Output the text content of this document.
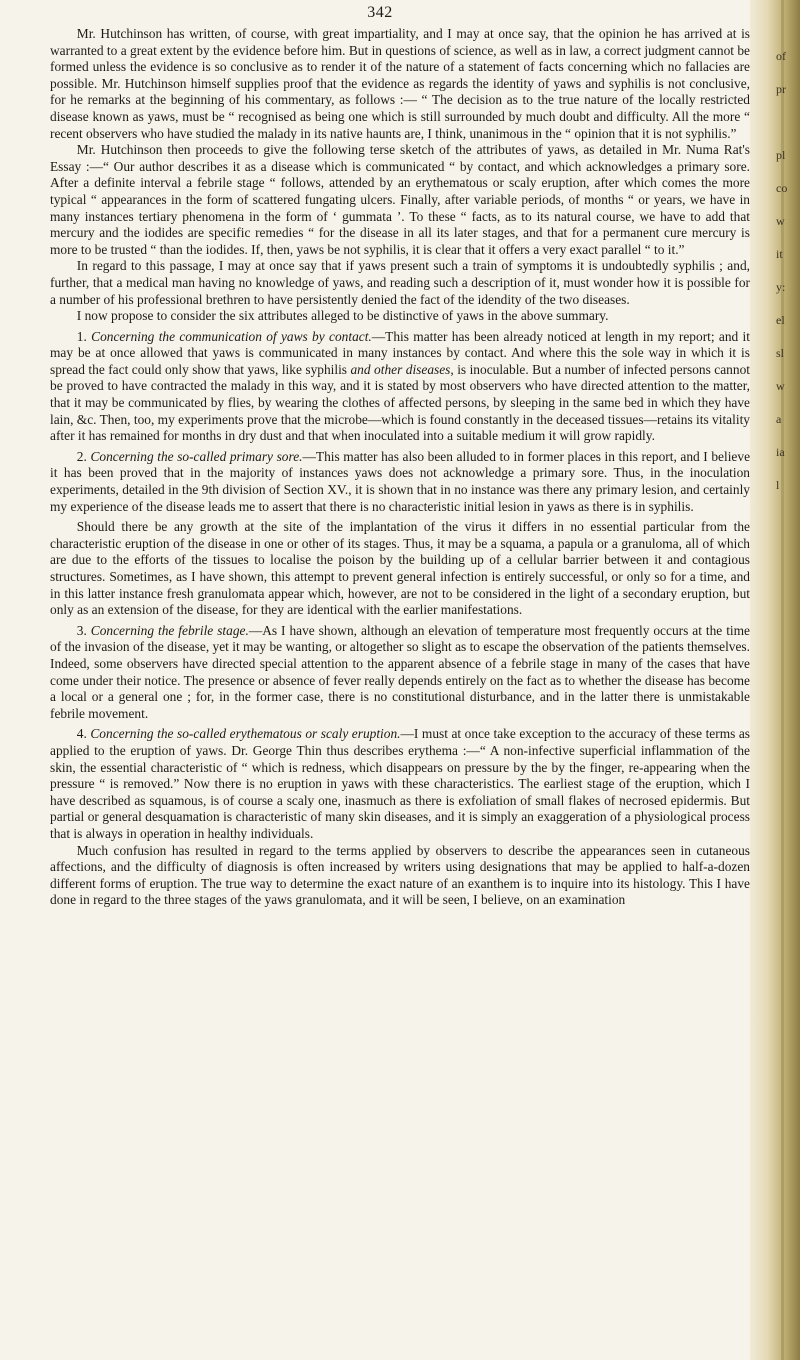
342

Mr. Hutchinson has written, of course, with great impartiality, and I may at once say, that the opinion he has arrived at is warranted to a great extent by the evidence before him. But in questions of science, as well as in law, a correct judgment cannot be formed unless the evidence is so conclusive as to render it of the nature of a statement of facts concerning which no fallacies are possible. Mr. Hutchinson himself supplies proof that the evidence as regards the identity of yaws and syphilis is not conclusive, for he remarks at the beginning of his commentary, as follows :— “ The decision as to the true nature of the locally restricted disease known as yaws, must be “ recognised as being one which is still surrounded by much doubt and difficulty. All the more “ recent observers who have studied the malady in its native haunts are, I think, unanimous in the “ opinion that it is not syphilis.”

Mr. Hutchinson then proceeds to give the following terse sketch of the attributes of yaws, as detailed in Mr. Numa Rat's Essay :—“ Our author describes it as a disease which is communicated “ by contact, and which acknowledges a primary sore. After a definite interval a febrile stage “ follows, attended by an erythematous or scaly eruption, after which comes the more typical “ appearances in the form of scattered fungating ulcers. Finally, after variable periods, of months “ or years, we have in many instances tertiary phenomena in the form of ‘ gummata ’. To these “ facts, as to its natural course, we have to add that mercury and the iodides are specific remedies “ for the disease in all its later stages, and that for a permanent cure mercury is more to be trusted “ than the iodides. If, then, yaws be not syphilis, it is clear that it offers a very exact parallel “ to it.”

In regard to this passage, I may at once say that if yaws present such a train of symptoms it is undoubtedly syphilis ; and, further, that a medical man having no knowledge of yaws, and reading such a description of it, must wonder how it is possible for a number of his professional brethren to have persistently denied the fact of the idendity of the two diseases.

I now propose to consider the six attributes alleged to be distinctive of yaws in the above summary.

1. Concerning the communication of yaws by contact.—This matter has been already noticed at length in my report; and it may be at once allowed that yaws is communicated in many instances by contact. And where this the sole way in which it is spread the fact could only show that yaws, like syphilis and other diseases, is inoculable. But a number of infected persons cannot be proved to have contracted the malady in this way, and it is stated by most observers who have directed attention to the matter, that it may be communicated by flies, by wearing the clothes of affected persons, by sleeping in the same bed in which they have lain, &c. Then, too, my experiments prove that the microbe—which is found constantly in the deceased tissues—retains its vitality after it has remained for months in dry dust and that when inoculated into a suitable medium it will grow rapidly.

2. Concerning the so-called primary sore.—This matter has also been alluded to in former places in this report, and I believe it has been proved that in the majority of instances yaws does not acknowledge a primary sore. Thus, in the inoculation experiments, detailed in the 9th division of Section XV., it is shown that in no instance was there any primary lesion, and certainly my experience of the disease leads me to assert that there is no characteristic initial lesion in yaws as there is in syphilis.

Should there be any growth at the site of the implantation of the virus it differs in no essential particular from the characteristic eruption of the disease in one or other of its stages. Thus, it may be a squama, a papula or a granuloma, all of which are due to the efforts of the tissues to localise the poison by the building up of a cellular barrier between it and contagious structures. Sometimes, as I have shown, this attempt to prevent general infection is entirely successful, or only so for a time, and in this latter instance fresh granulomata appear which, however, are not to be considered in the light of a secondary eruption, but only as an extension of the disease, for they are identical with the earlier manifestations.

3. Concerning the febrile stage.—As I have shown, although an elevation of temperature most frequently occurs at the time of the invasion of the disease, yet it may be wanting, or altogether so slight as to escape the observation of the patients themselves. Indeed, some observers have directed special attention to the apparent absence of a febrile stage in many of the cases that have come under their notice. The presence or absence of fever really depends entirely on the fact as to whether the disease has become a local or a general one ; for, in the former case, there is no constitutional disturbance, and in the latter there is unmistakable febrile movement.

4. Concerning the so-called erythematous or scaly eruption.—I must at once take exception to the accuracy of these terms as applied to the eruption of yaws. Dr. George Thin thus describes erythema :—“ A non-infective superficial inflammation of the skin, the essential characteristic of “ which is redness, which disappears on pressure by the by the finger, re-appearing when the pressure “ is removed.” Now there is no eruption in yaws with these characteristics. The earliest stage of the eruption, which I have described as squamous, is of course a scaly one, inasmuch as there is exfoliation of small flakes of necrosed epidermis. But partial or general desquamation is characteristic of many skin diseases, and it is simply an exaggeration of a physiological process that is always in operation in healthy individuals.

Much confusion has resulted in regard to the terms applied by observers to describe the appearances seen in cutaneous affections, and the difficulty of diagnosis is often increased by writers using designations that may be applied to half-a-dozen different forms of eruption. The true way to determine the exact nature of an exanthem is to inquire into its histology. This I have done in regard to the three stages of the yaws granulomata, and it will be seen, I believe, on an examination

of
pr

pl
co
w
it
y:
el
sl
w
a
ia
l
